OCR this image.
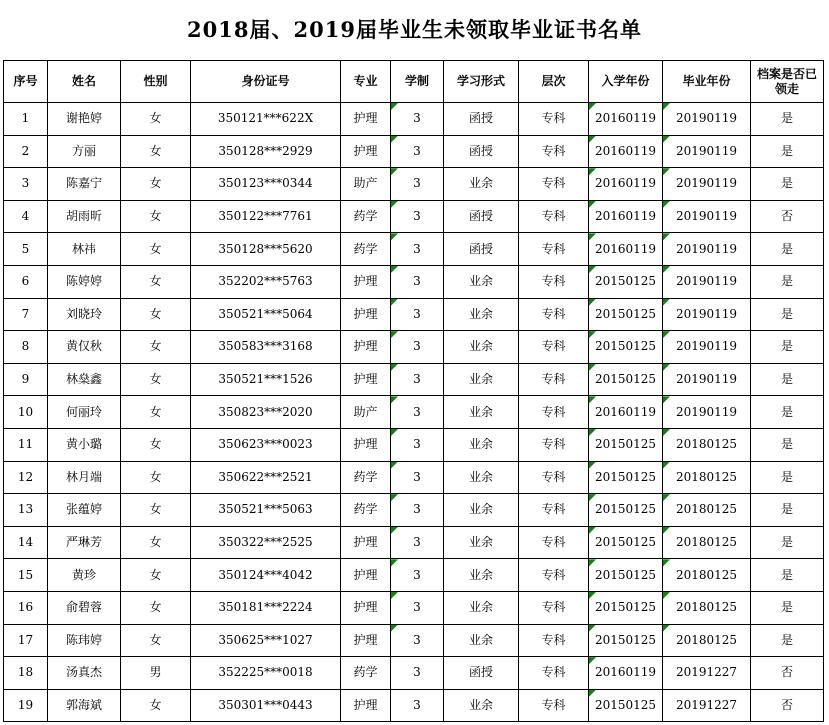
2018届、2019届毕业生未领取毕业证书名单
序号	姓名	性别	身份证号	专业	学制	学习形式	层次	入学年份	毕业年份	档案是否已领走
1	谢艳婷	女	350121***622X	护理	3	函授	专科	20160119	20190119	是
2	方丽	女	350128***2929	护理	3	函授	专科	20160119	20190119	是
3	陈嘉宁	女	350123***0344	助产	3	业余	专科	20160119	20190119	是
4	胡雨昕	女	350122***7761	药学	3	函授	专科	20160119	20190119	否
5	林祎	女	350128***5620	药学	3	函授	专科	20160119	20190119	是
6	陈婷婷	女	352202***5763	护理	3	业余	专科	20150125	20190119	是
7	刘晓玲	女	350521***5064	护理	3	业余	专科	20150125	20190119	是
8	黄仅秋	女	350583***3168	护理	3	业余	专科	20150125	20190119	是
9	林燊鑫	女	350521***1526	护理	3	业余	专科	20150125	20190119	是
10	何丽玲	女	350823***2020	助产	3	业余	专科	20160119	20190119	是
11	黄小璐	女	350623***0023	护理	3	业余	专科	20150125	20180125	是
12	林月端	女	350622***2521	药学	3	业余	专科	20150125	20180125	是
13	张蕴婷	女	350521***5063	药学	3	业余	专科	20150125	20180125	是
14	严琳芳	女	350322***2525	护理	3	业余	专科	20150125	20180125	是
15	黄珍	女	350124***4042	护理	3	业余	专科	20150125	20180125	是
16	俞碧蓉	女	350181***2224	护理	3	业余	专科	20150125	20180125	是
17	陈玮婷	女	350625***1027	护理	3	业余	专科	20150125	20180125	是
18	汤真杰	男	352225***0018	药学	3	函授	专科	20160119	20191227	否
19	郭海斌	女	350301***0443	护理	3	业余	专科	20150125	20191227	否
